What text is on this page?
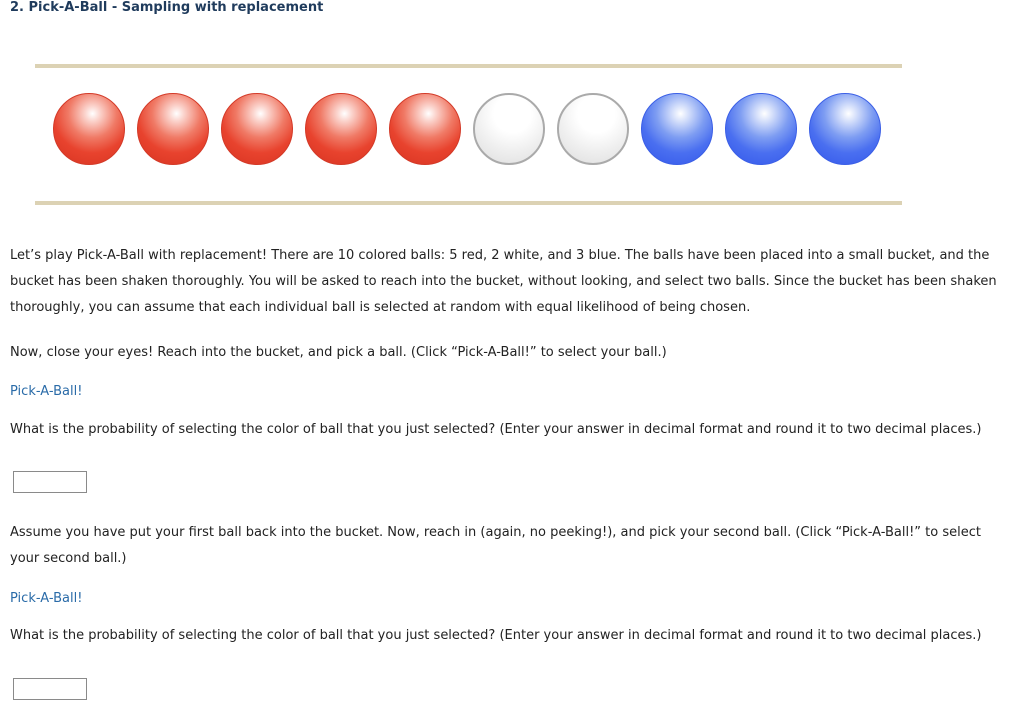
2. Pick-A-Ball - Sampling with replacement

Let’s play Pick-A-Ball with replacement! There are 10 colored balls: 5 red, 2 white, and 3 blue. The balls have been placed into a small bucket, and the bucket has been shaken thoroughly. You will be asked to reach into the bucket, without looking, and select two balls. Since the bucket has been shaken thoroughly, you can assume that each individual ball is selected at random with equal likelihood of being chosen.

Now, close your eyes! Reach into the bucket, and pick a ball. (Click “Pick-A-Ball!” to select your ball.)

Pick-A-Ball!

What is the probability of selecting the color of ball that you just selected? (Enter your answer in decimal format and round it to two decimal places.)

Assume you have put your first ball back into the bucket. Now, reach in (again, no peeking!), and pick your second ball. (Click “Pick-A-Ball!” to select your second ball.)

Pick-A-Ball!

What is the probability of selecting the color of ball that you just selected? (Enter your answer in decimal format and round it to two decimal places.)
